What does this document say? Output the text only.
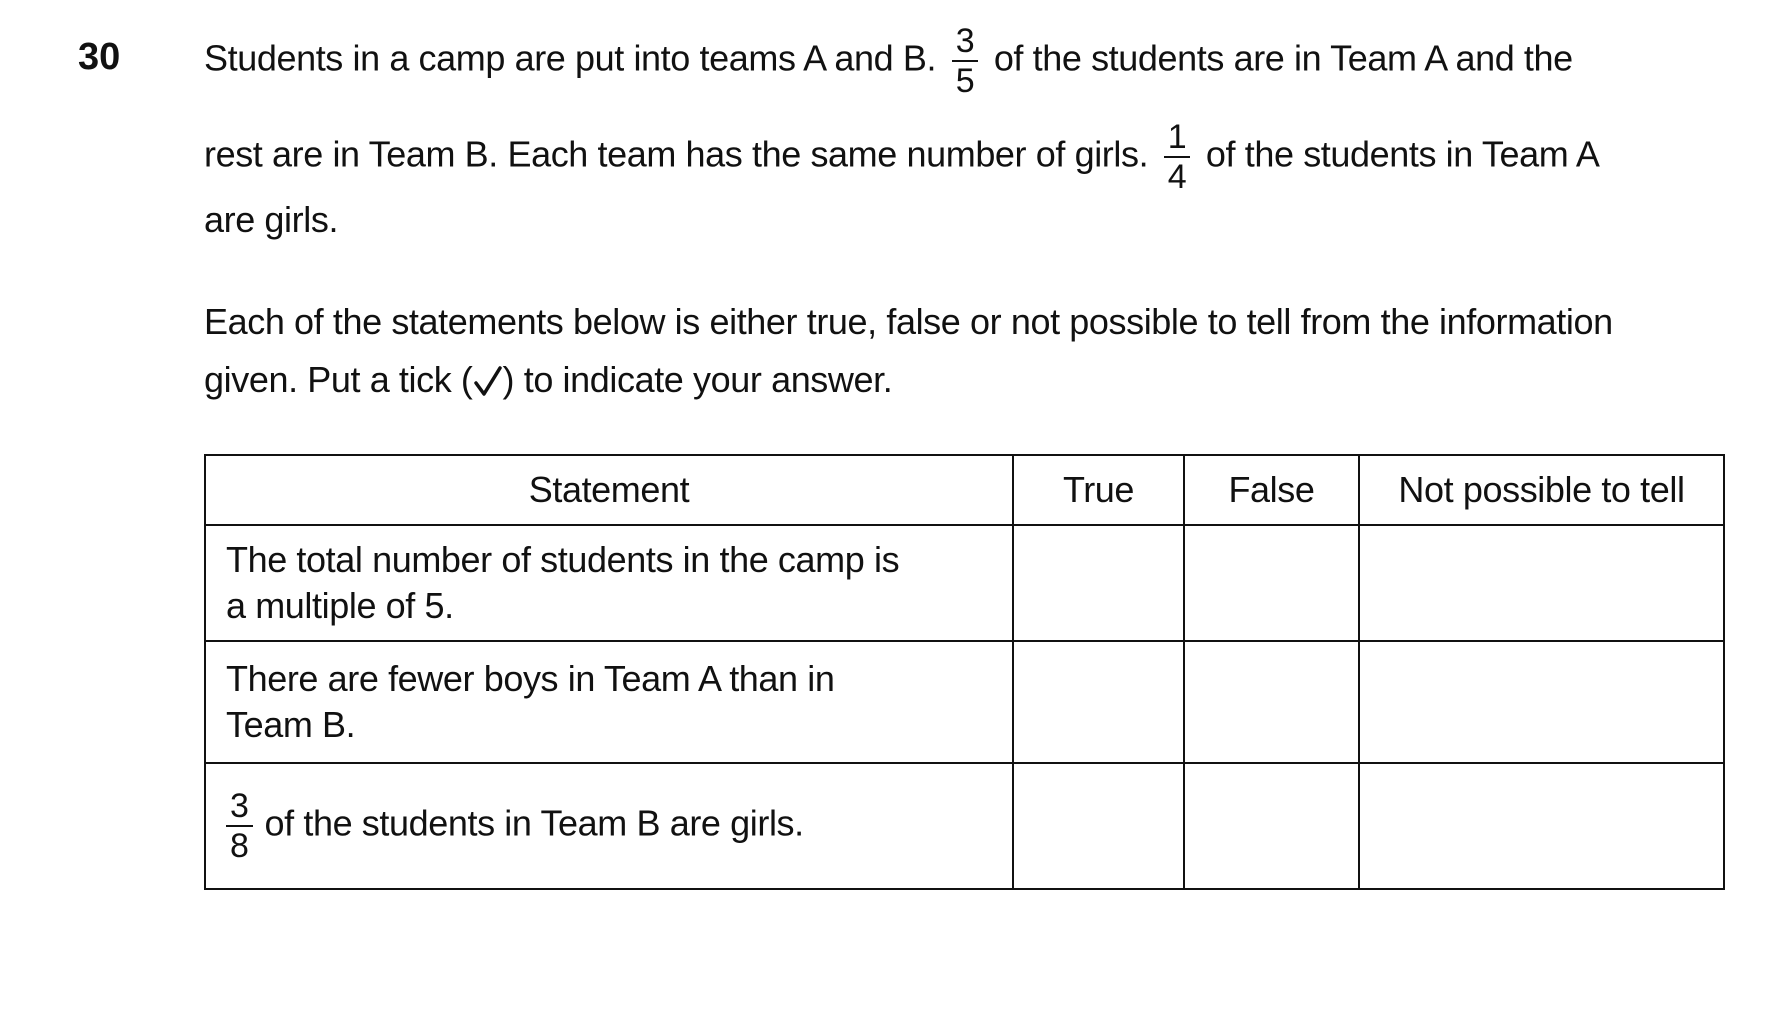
30 Students in a camp are put into teams A and B. $\frac{3}{5}$ of the students are in Team A and the
rest are in Team B. Each team has the same number of girls. $\frac{1}{4}$ of the students in Team A
are girls.
Each of the statements below is either true, false or not possible to tell from the information
given. Put a tick ( ) to indicate your answer.
Statement	True	False	Not possible to tell
The total number of students in the camp is
a multiple of 5.			
There are fewer boys in Team A than in
Team B.			

$\frac{3}{8}$ of the students in Team B are girls.			
